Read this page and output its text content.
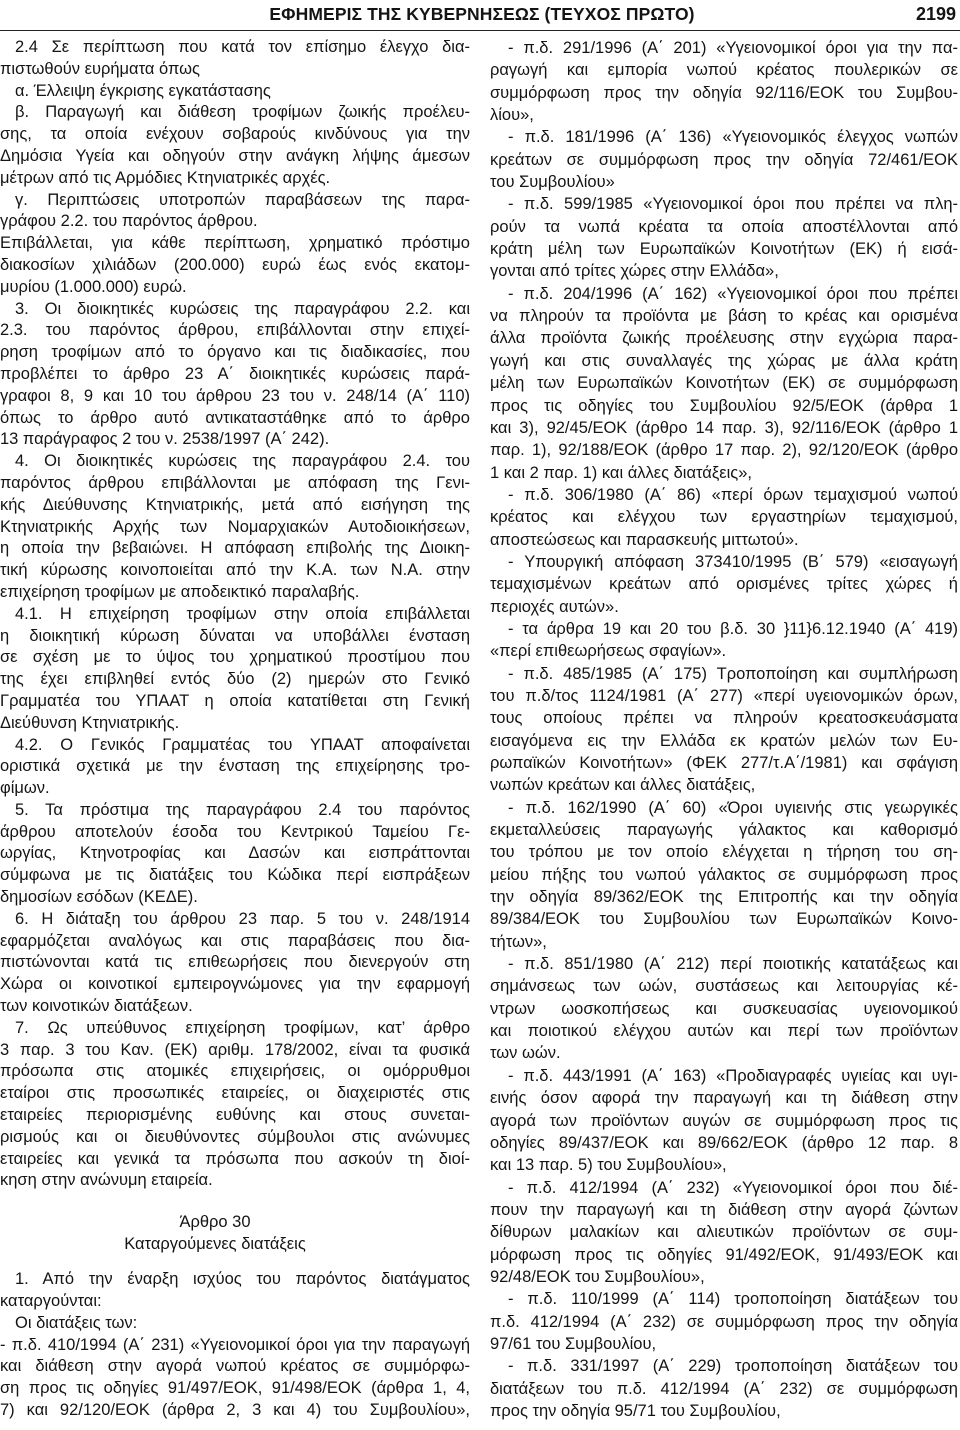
ΕΦΗΜΕΡΙΣ ΤΗΣ ΚΥΒΕΡΝΗΣΕΩΣ (ΤΕΥΧΟΣ ΠΡΩΤΟ)	2199
2.4 Σε περίπτωση που κατά τον επίσημο έλεγχο δια-
πιστωθούν ευρήματα όπως
α. Έλλειψη έγκρισης εγκατάστασης
β. Παραγωγή και διάθεση τροφίμων ζωικής προέλευ-
σης, τα οποία ενέχουν σοβαρούς κινδύνους για την
Δημόσια Υγεία και οδηγούν στην ανάγκη λήψης άμεσων
μέτρων από τις Αρμόδιες Κτηνιατρικές αρχές.
γ. Περιπτώσεις υποτροπών παραβάσεων της παρα-
γράφου 2.2. του παρόντος άρθρου.
Επιβάλλεται, για κάθε περίπτωση, χρηματικό πρόστιμο
διακοσίων χιλιάδων (200.000) ευρώ έως ενός εκατομ-
μυρίου (1.000.000) ευρώ.
3. Οι διοικητικές κυρώσεις της παραγράφου 2.2. και
2.3. του παρόντος άρθρου, επιβάλλονται στην επιχεί-
ρηση τροφίμων από το όργανο και τις διαδικασίες, που
προβλέπει το άρθρο 23 Α΄ διοικητικές κυρώσεις παρά-
γραφοι 8, 9 και 10 του άρθρου 23 του ν. 248/14 (Α΄ 110)
όπως το άρθρο αυτό αντικαταστάθηκε από το άρθρο
13 παράγραφος 2 του ν. 2538/1997 (Α΄ 242).
4. Οι διοικητικές κυρώσεις της παραγράφου 2.4. του
παρόντος άρθρου επιβάλλονται με απόφαση της Γενι-
κής Διεύθυνσης Κτηνιατρικής, μετά από εισήγηση της
Κτηνιατρικής Αρχής των Νομαρχιακών Αυτοδιοικήσεων,
η οποία την βεβαιώνει. Η απόφαση επιβολής της Διοικη-
τική κύρωσης κοινοποιείται από την Κ.Α. των Ν.Α. στην
επιχείρηση τροφίμων με αποδεικτικό παραλαβής.
4.1. Η επιχείρηση τροφίμων στην οποία επιβάλλεται
η διοικητική κύρωση δύναται να υποβάλλει ένσταση
σε σχέση με το ύψος του χρηματικού προστίμου που
της έχει επιβληθεί εντός δύο (2) ημερών στο Γενικό
Γραμματέα του ΥΠΑΑΤ η οποία κατατίθεται στη Γενική
Διεύθυνση Κτηνιατρικής.
4.2. Ο Γενικός Γραμματέας του ΥΠΑΑΤ αποφαίνεται
οριστικά σχετικά με την ένσταση της επιχείρησης τρο-
φίμων.
5. Τα πρόστιμα της παραγράφου 2.4 του παρόντος
άρθρου αποτελούν έσοδα του Κεντρικού Ταμείου Γε-
ωργίας, Κτηνοτροφίας και Δασών και εισπράττονται
σύμφωνα με τις διατάξεις του Κώδικα περί εισπράξεων
δημοσίων εσόδων (ΚΕΔΕ).
6. Η διάταξη του άρθρου 23 παρ. 5 του ν. 248/1914
εφαρμόζεται αναλόγως και στις παραβάσεις που δια-
πιστώνονται κατά τις επιθεωρήσεις που διενεργούν στη
Χώρα οι κοινοτικοί εμπειρογνώμονες για την εφαρμογή
των κοινοτικών διατάξεων.
7. Ως υπεύθυνος επιχείρηση τροφίμων, κατ’ άρθρο
3 παρ. 3 του Καν. (ΕΚ) αριθμ. 178/2002, είναι τα φυσικά
πρόσωπα στις ατομικές επιχειρήσεις, οι ομόρρυθμοι
εταίροι στις προσωπικές εταιρείες, οι διαχειριστές στις
εταιρείες περιορισμένης ευθύνης και στους συνεται-
ρισμούς και οι διευθύνοντες σύμβουλοι στις ανώνυμες
εταιρείες και γενικά τα πρόσωπα που ασκούν τη διοί-
κηση στην ανώνυμη εταιρεία.
Άρθρο 30
Καταργούμενες διατάξεις
1. Από την έναρξη ισχύος του παρόντος διατάγματος
καταργούνται:
Οι διατάξεις των:
- π.δ. 410/1994 (Α΄ 231) «Υγειονομικοί όροι για την παραγωγή
και διάθεση στην αγορά νωπού κρέατος σε συμμόρφω-
ση προς τις οδηγίες 91/497/ΕΟΚ, 91/498/ΕΟΚ (άρθρα 1, 4,
7) και 92/120/ΕΟΚ (άρθρα 2, 3 και 4) του Συμβουλίου»,
- π.δ. 291/1996 (Α΄ 201) «Υγειονομικοί όροι για την πα-
ραγωγή και εμπορία νωπού κρέατος πουλερικών σε
συμμόρφωση προς την οδηγία 92/116/ΕΟΚ του Συμβου-
λίου»,
- π.δ. 181/1996 (Α΄ 136) «Υγειονομικός έλεγχος νωπών
κρεάτων σε συμμόρφωση προς την οδηγία 72/461/ΕΟΚ
του Συμβουλίου»
- π.δ. 599/1985 «Υγειονομικοί όροι που πρέπει να πλη-
ρούν τα νωπά κρέατα τα οποία αποστέλλονται από
κράτη μέλη των Ευρωπαϊκών Κοινοτήτων (ΕΚ) ή εισά-
γονται από τρίτες χώρες στην Ελλάδα»,
- π.δ. 204/1996 (Α΄ 162) «Υγειονομικοί όροι που πρέπει
να πληρούν τα προϊόντα με βάση το κρέας και ορισμένα
άλλα προϊόντα ζωικής προέλευσης στην εγχώρια παρα-
γωγή και στις συναλλαγές της χώρας με άλλα κράτη
μέλη των Ευρωπαϊκών Κοινοτήτων (ΕΚ) σε συμμόρφωση
προς τις οδηγίες του Συμβουλίου 92/5/ΕΟΚ (άρθρα 1
και 3), 92/45/ΕΟΚ (άρθρο 14 παρ. 3), 92/116/ΕΟΚ (άρθρο 1
παρ. 1), 92/188/ΕΟΚ (άρθρο 17 παρ. 2), 92/120/ΕΟΚ (άρθρο
1 και 2 παρ. 1) και άλλες διατάξεις»,
- π.δ. 306/1980 (Α΄ 86) «περί όρων τεμαχισμού νωπού
κρέατος και ελέγχου των εργαστηρίων τεμαχισμού,
αποστεώσεως και παρασκευής μιττωτού».
- Υπουργική απόφαση 373410/1995 (Β΄ 579) «εισαγωγή
τεμαχισμένων κρεάτων από ορισμένες τρίτες χώρες ή
περιοχές αυτών».
- τα άρθρα 19 και 20 του β.δ. 30 }11}6.12.1940 (Α΄ 419)
«περί επιθεωρήσεως σφαγίων».
- π.δ. 485/1985 (Α΄ 175) Τροποποίηση και συμπλήρωση
του π.δ/τος 1124/1981 (Α΄ 277) «περί υγειονομικών όρων,
τους οποίους πρέπει να πληρούν κρεατοσκευάσματα
εισαγόμενα εις την Ελλάδα εκ κρατών μελών των Ευ-
ρωπαϊκών Κοινοτήτων» (ΦΕΚ 277/τ.Α΄/1981) και σφάγιση
νωπών κρεάτων και άλλες διατάξεις,
- π.δ. 162/1990 (Α΄ 60) «Όροι υγιεινής στις γεωργικές
εκμεταλλεύσεις παραγωγής γάλακτος και καθορισμό
του τρόπου με τον οποίο ελέγχεται η τήρηση του ση-
μείου πήξης του νωπού γάλακτος σε συμμόρφωση προς
την οδηγία 89/362/ΕΟΚ της Επιτροπής και την οδηγία
89/384/ΕΟΚ του Συμβουλίου των Ευρωπαϊκών Κοινο-
τήτων»,
- π.δ. 851/1980 (Α΄ 212) περί ποιοτικής κατατάξεως και
σημάνσεως των ωών, συστάσεως και λειτουργίας κέ-
ντρων ωοσκοπήσεως και συσκευασίας υγειονομικού
και ποιοτικού ελέγχου αυτών και περί των προϊόντων
των ωών.
- π.δ. 443/1991 (Α΄ 163) «Προδιαγραφές υγιείας και υγι-
εινής όσον αφορά την παραγωγή και τη διάθεση στην
αγορά των προϊόντων αυγών σε συμμόρφωση προς τις
οδηγίες 89/437/ΕΟΚ και 89/662/ΕΟΚ (άρθρο 12 παρ. 8
και 13 παρ. 5) του Συμβουλίου»,
- π.δ. 412/1994 (Α΄ 232) «Υγειονομικοί όροι που διέ-
πουν την παραγωγή και τη διάθεση στην αγορά ζώντων
δίθυρων μαλακίων και αλιευτικών προϊόντων σε συμ-
μόρφωση προς τις οδηγίες 91/492/ΕΟΚ, 91/493/ΕΟΚ και
92/48/ΕΟΚ του Συμβουλίου»,
- π.δ. 110/1999 (Α΄ 114) τροποποίηση διατάξεων του
π.δ. 412/1994 (Α΄ 232) σε συμμόρφωση προς την οδηγία
97/61 του Συμβουλίου,
- π.δ. 331/1997 (Α΄ 229) τροποποίηση διατάξεων του
διατάξεων του π.δ. 412/1994 (Α΄ 232) σε συμμόρφωση
προς την οδηγία 95/71 του Συμβουλίου,
